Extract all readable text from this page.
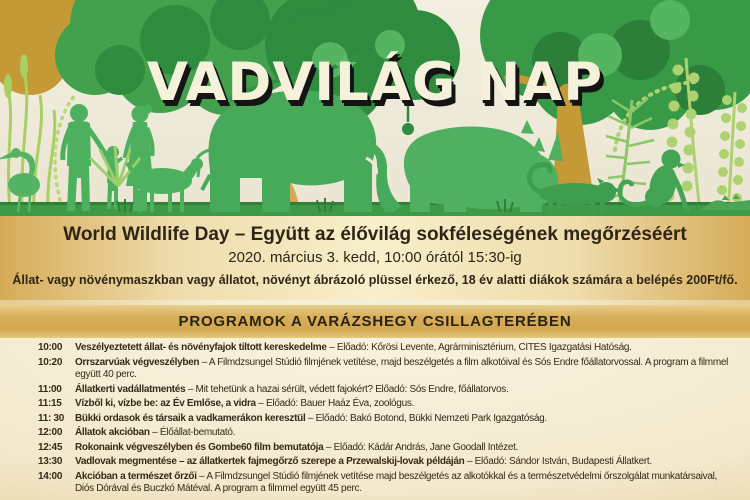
VADVILÁG NAP
World Wildlife Day – Együtt az élővilág sokféleségének megőrzéséért
2020. március 3. kedd, 10:00 órától 15:30-ig
Állat- vagy növénymaszkban vagy állatot, növényt ábrázoló plüssel érkező, 18 év alatti diákok számára a belépés 200Ft/fő.
PROGRAMOK A VARÁZSHEGY CSILLAGTERÉBEN
10:00	Veszélyeztetett állat- és növényfajok tiltott kereskedelme – Előadó: Kőrösi Levente, Agrárminisztérium, CITES Igazgatási Hatóság.
10:20	Orrszarvúak végveszélyben – A Filmdzsungel Stúdió filmjének vetítése, majd beszélgetés a film alkotóival és Sós Endre főállatorvossal. A program a filmmel együtt 40 perc.
11:00	Állatkerti vadállatmentés – Mit tehetünk a hazai sérült, védett fajokért? Előadó: Sós Endre, főállatorvos.
11:15	Vízből ki, vízbe be: az Év Emlőse, a vidra – Előadó: Bauer Haáz Éva, zoológus.
11: 30	Bükki ordasok és társaik a vadkamerákon keresztül – Előadó: Bakó Botond, Bükki Nemzeti Park Igazgatóság.
12:00	Állatok akcióban – Élőállat-bemutató.
12:45	Rokonaink végveszélyben és Gombe60 film bemutatója – Előadó: Kádár András, Jane Goodall Intézet.
13:30	Vadlovak megmentése – az állatkertek fajmegőrző szerepe a Przewalskij-lovak példáján – Előadó: Sándor István, Budapesti Állatkert.
14:00	Akcióban a természet őrzői – A Filmdzsungel Stúdió filmjének vetítése majd beszélgetés az alkotókkal és a természetvédelmi őrszolgálat munkatársaival, Diós Dórával és Buczkó Mátéval. A program a filmmel együtt 45 perc.
